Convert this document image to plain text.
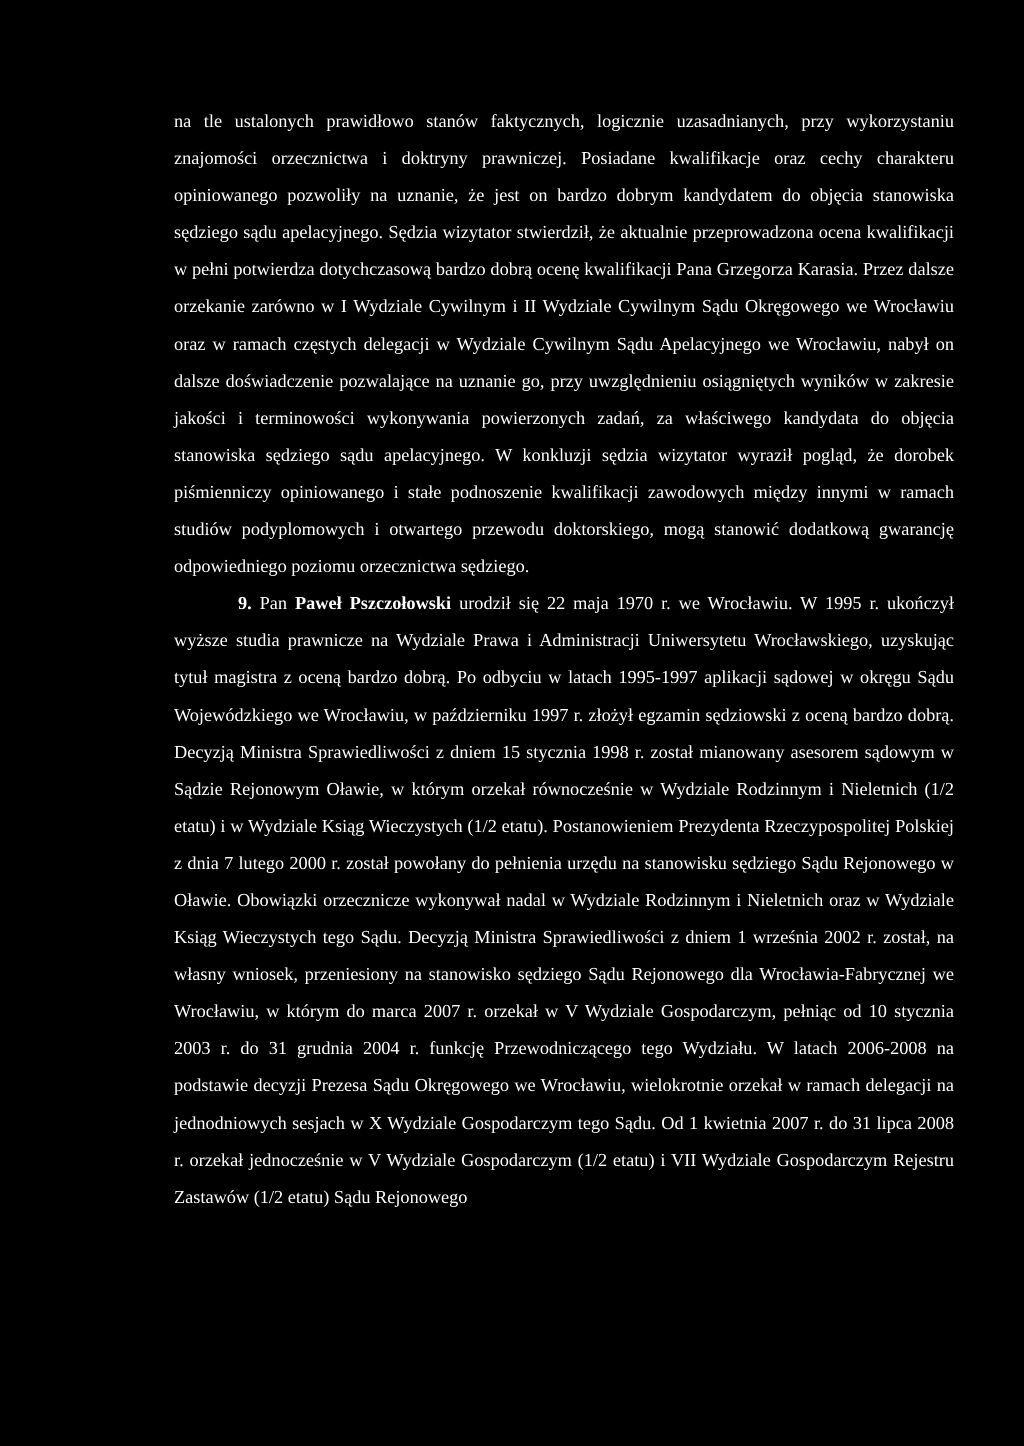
na tle ustalonych prawidłowo stanów faktycznych, logicznie uzasadnianych, przy wykorzystaniu znajomości orzecznictwa i doktryny prawniczej. Posiadane kwalifikacje oraz cechy charakteru opiniowanego pozwoliły na uznanie, że jest on bardzo dobrym kandydatem do objęcia stanowiska sędziego sądu apelacyjnego. Sędzia wizytator stwierdził, że aktualnie przeprowadzona ocena kwalifikacji w pełni potwierdza dotychczasową bardzo dobrą ocenę kwalifikacji Pana Grzegorza Karasia. Przez dalsze orzekanie zarówno w I Wydziale Cywilnym i II Wydziale Cywilnym Sądu Okręgowego we Wrocławiu oraz w ramach częstych delegacji w Wydziale Cywilnym Sądu Apelacyjnego we Wrocławiu, nabył on dalsze doświadczenie pozwalające na uznanie go, przy uwzględnieniu osiągniętych wyników w zakresie jakości i terminowości wykonywania powierzonych zadań, za właściwego kandydata do objęcia stanowiska sędziego sądu apelacyjnego. W konkluzji sędzia wizytator wyraził pogląd, że dorobek piśmienniczy opiniowanego i stałe podnoszenie kwalifikacji zawodowych między innymi w ramach studiów podyplomowych i otwartego przewodu doktorskiego, mogą stanowić dodatkową gwarancję odpowiedniego poziomu orzecznictwa sędziego.

9. Pan Paweł Pszczołowski urodził się 22 maja 1970 r. we Wrocławiu. W 1995 r. ukończył wyższe studia prawnicze na Wydziale Prawa i Administracji Uniwersytetu Wrocławskiego, uzyskując tytuł magistra z oceną bardzo dobrą. Po odbyciu w latach 1995-1997 aplikacji sądowej w okręgu Sądu Wojewódzkiego we Wrocławiu, w październiku 1997 r. złożył egzamin sędziowski z oceną bardzo dobrą. Decyzją Ministra Sprawiedliwości z dniem 15 stycznia 1998 r. został mianowany asesorem sądowym w Sądzie Rejonowym Oławie, w którym orzekał równocześnie w Wydziale Rodzinnym i Nieletnich (1/2 etatu) i w Wydziale Ksiąg Wieczystych (1/2 etatu). Postanowieniem Prezydenta Rzeczypospolitej Polskiej z dnia 7 lutego 2000 r. został powołany do pełnienia urzędu na stanowisku sędziego Sądu Rejonowego w Oławie. Obowiązki orzecznicze wykonywał nadal w Wydziale Rodzinnym i Nieletnich oraz w Wydziale Ksiąg Wieczystych tego Sądu. Decyzją Ministra Sprawiedliwości z dniem 1 września 2002 r. został, na własny wniosek, przeniesiony na stanowisko sędziego Sądu Rejonowego dla Wrocławia-Fabrycznej we Wrocławiu, w którym do marca 2007 r. orzekał w V Wydziale Gospodarczym, pełniąc od 10 stycznia 2003 r. do 31 grudnia 2004 r. funkcję Przewodniczącego tego Wydziału. W latach 2006-2008 na podstawie decyzji Prezesa Sądu Okręgowego we Wrocławiu, wielokrotnie orzekał w ramach delegacji na jednodniowych sesjach w X Wydziale Gospodarczym tego Sądu. Od 1 kwietnia 2007 r. do 31 lipca 2008 r. orzekał jednocześnie w V Wydziale Gospodarczym (1/2 etatu) i VII Wydziale Gospodarczym Rejestru Zastawów (1/2 etatu) Sądu Rejonowego
